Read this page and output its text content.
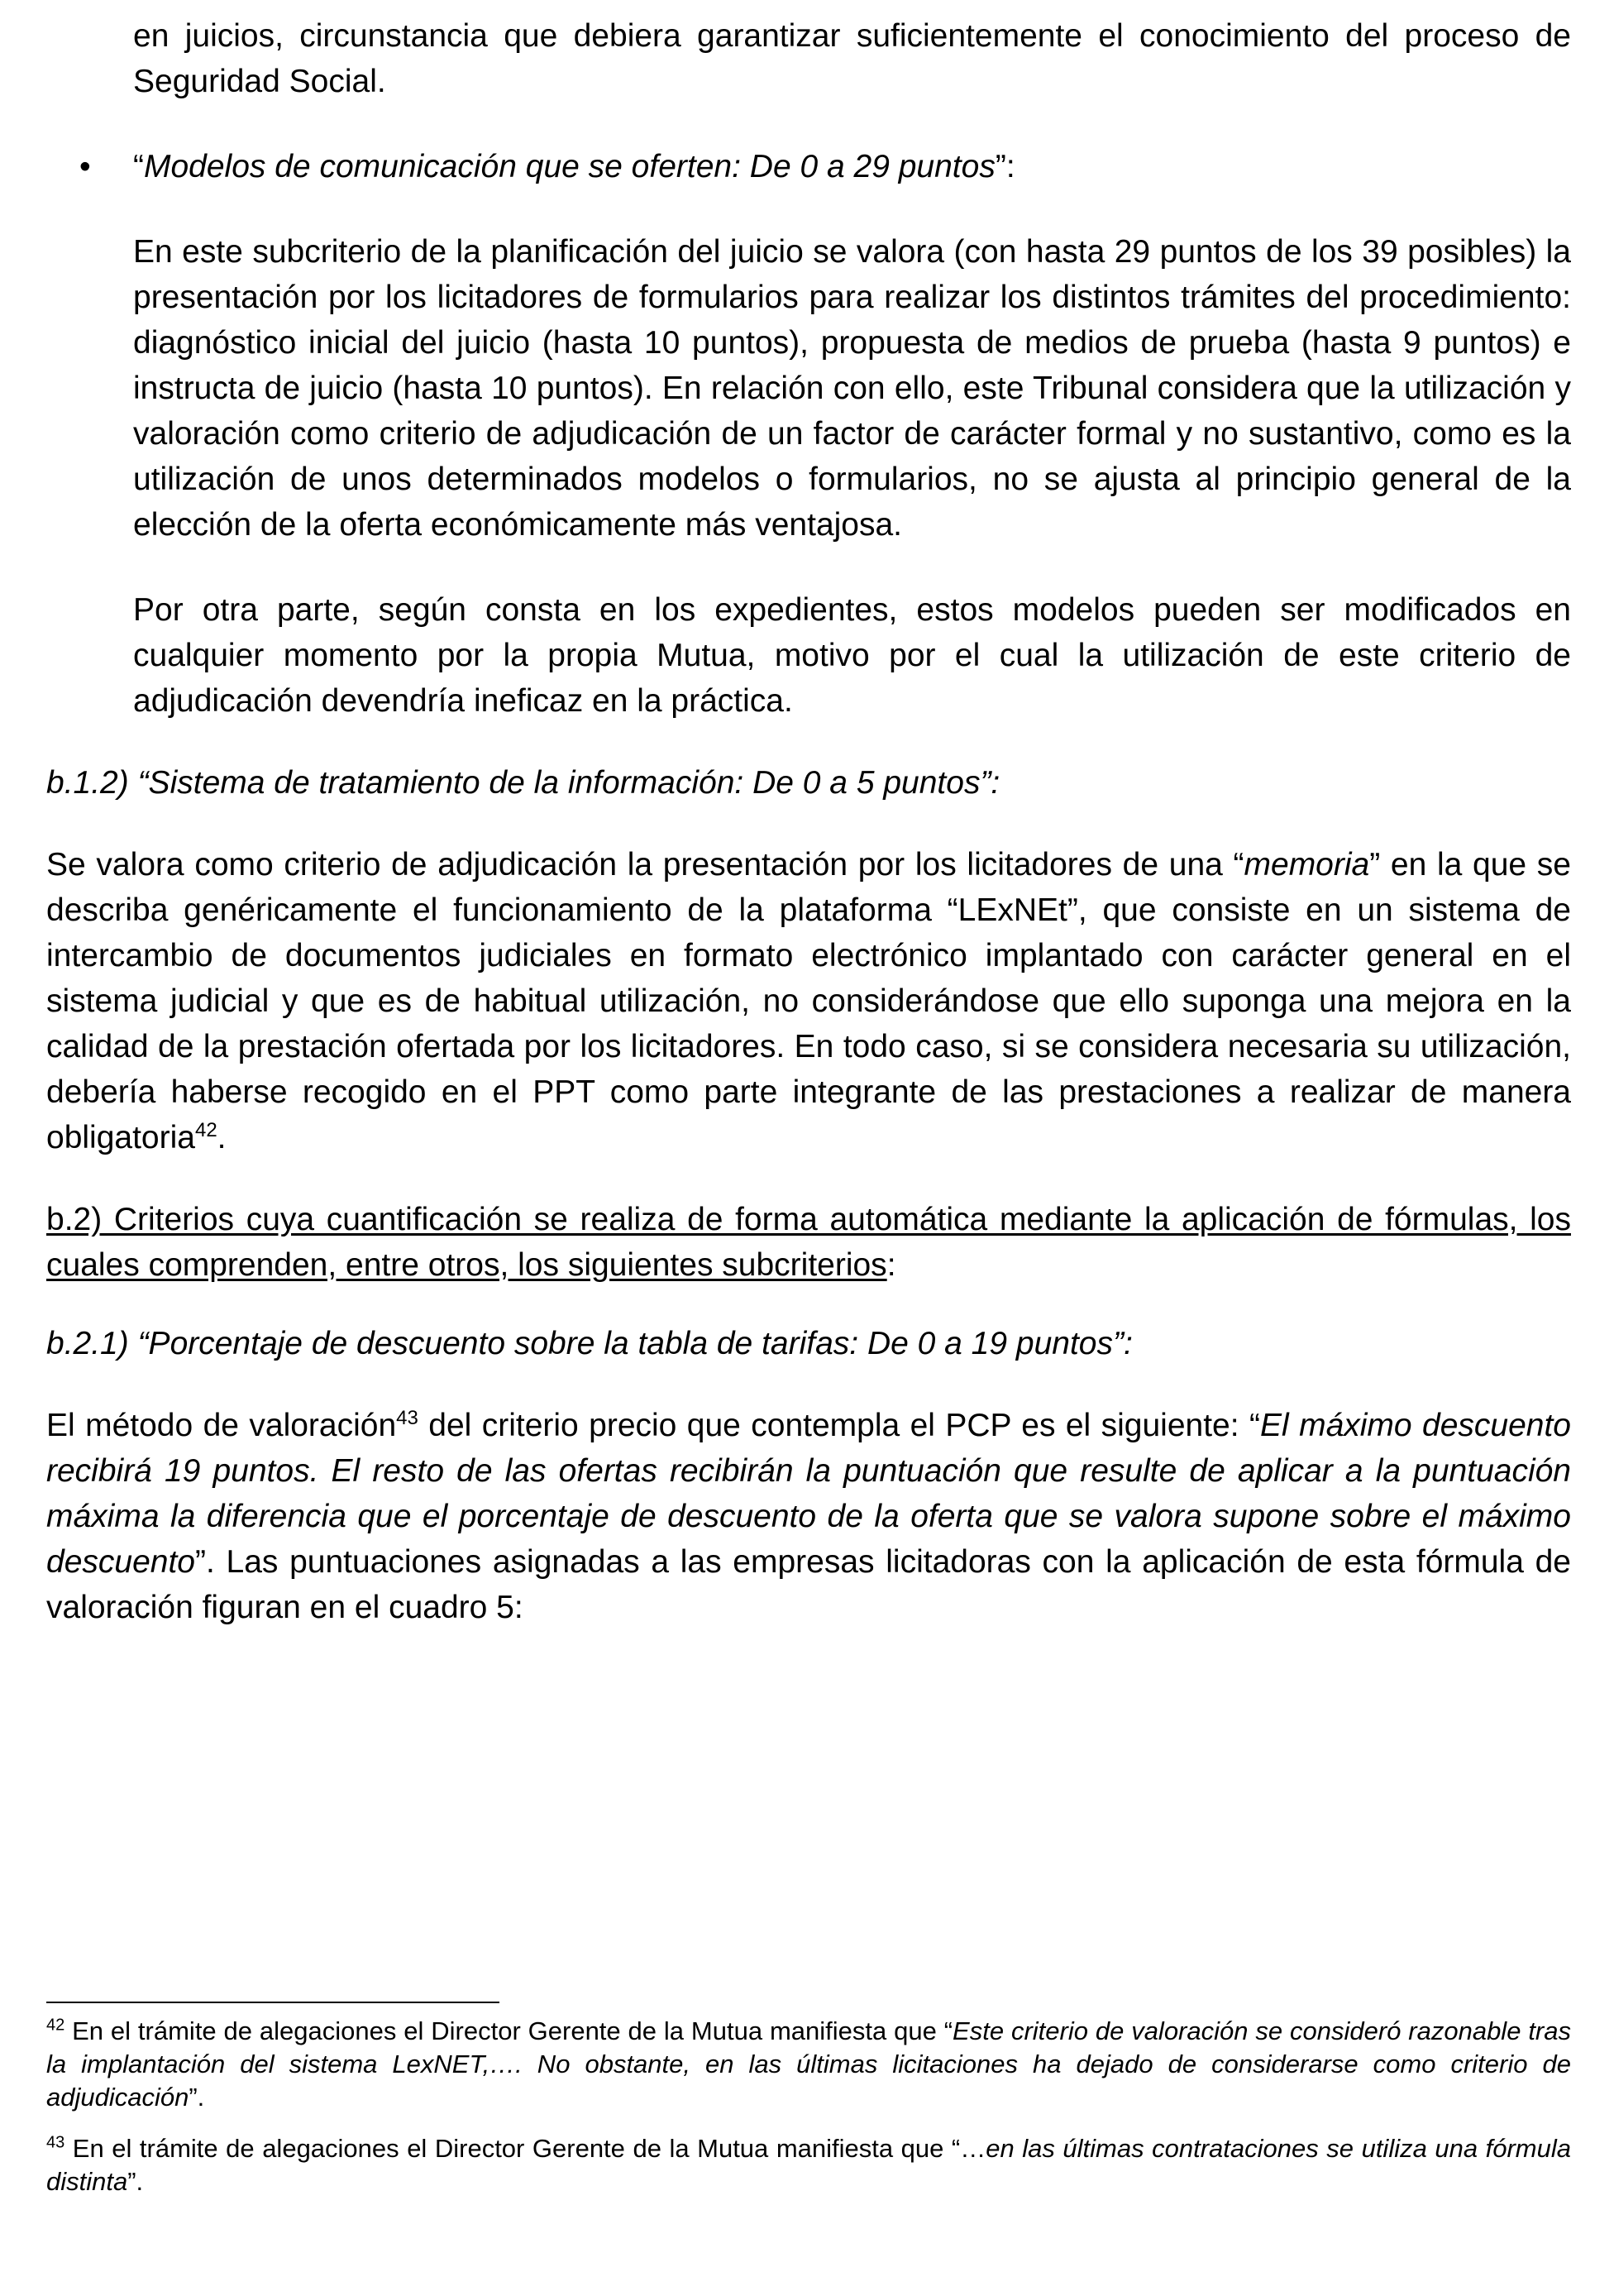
en juicios, circunstancia que debiera garantizar suficientemente el conocimiento del proceso de Seguridad Social.

• “Modelos de comunicación que se oferten: De 0 a 29 puntos”:

En este subcriterio de la planificación del juicio se valora (con hasta 29 puntos de los 39 posibles) la presentación por los licitadores de formularios para realizar los distintos trámites del procedimiento: diagnóstico inicial del juicio (hasta 10 puntos), propuesta de medios de prueba (hasta 9 puntos) e instructa de juicio (hasta 10 puntos). En relación con ello, este Tribunal considera que la utilización y valoración como criterio de adjudicación de un factor de carácter formal y no sustantivo, como es la utilización de unos determinados modelos o formularios, no se ajusta al principio general de la elección de la oferta económicamente más ventajosa.

Por otra parte, según consta en los expedientes, estos modelos pueden ser modificados en cualquier momento por la propia Mutua, motivo por el cual la utilización de este criterio de adjudicación devendría ineficaz en la práctica.

b.1.2) “Sistema de tratamiento de la información: De 0 a 5 puntos”:

Se valora como criterio de adjudicación la presentación por los licitadores de una “memoria” en la que se describa genéricamente el funcionamiento de la plataforma “LExNEt”, que consiste en un sistema de intercambio de documentos judiciales en formato electrónico implantado con carácter general en el sistema judicial y que es de habitual utilización, no considerándose que ello suponga una mejora en la calidad de la prestación ofertada por los licitadores. En todo caso, si se considera necesaria su utilización, debería haberse recogido en el PPT como parte integrante de las prestaciones a realizar de manera obligatoria$^{42}$.

b.2) Criterios cuya cuantificación se realiza de forma automática mediante la aplicación de fórmulas, los cuales comprenden, entre otros, los siguientes subcriterios:

b.2.1) “Porcentaje de descuento sobre la tabla de tarifas: De 0 a 19 puntos”:

El método de valoración$^{43}$ del criterio precio que contempla el PCP es el siguiente: “El máximo descuento recibirá 19 puntos. El resto de las ofertas recibirán la puntuación que resulte de aplicar a la puntuación máxima la diferencia que el porcentaje de descuento de la oferta que se valora supone sobre el máximo descuento”. Las puntuaciones asignadas a las empresas licitadoras con la aplicación de esta fórmula de valoración figuran en el cuadro 5:

$^{42}$ En el trámite de alegaciones el Director Gerente de la Mutua manifiesta que “Este criterio de valoración se consideró razonable tras la implantación del sistema LexNET,…. No obstante, en las últimas licitaciones ha dejado de considerarse como criterio de adjudicación”.

$^{43}$ En el trámite de alegaciones el Director Gerente de la Mutua manifiesta que “…en las últimas contrataciones se utiliza una fórmula distinta”.
